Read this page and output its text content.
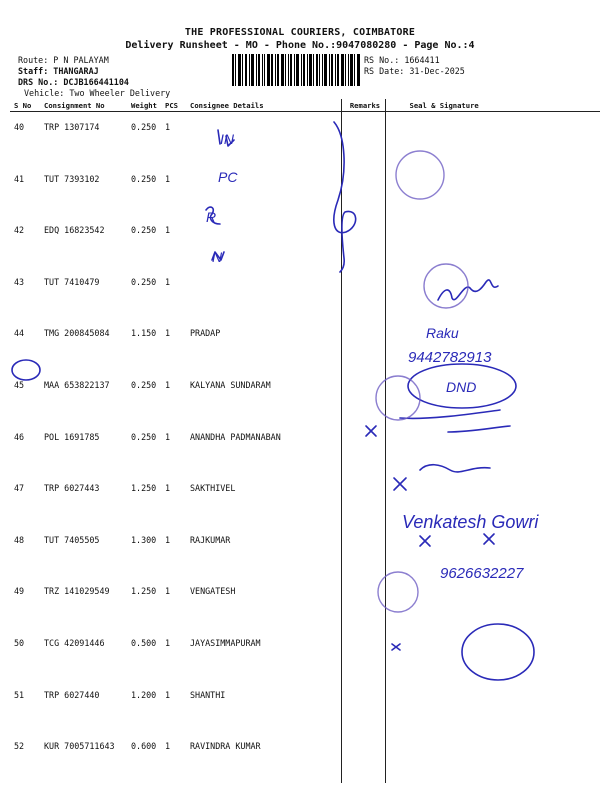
THE PROFESSIONAL COURIERS, COIMBATORE
Delivery Runsheet - MO - Phone No.:9047080280 - Page No.:4
Route: P N PALAYAM
Staff: THANGARAJ
DRS No.: DCJB166441104
Vehicle: Two Wheeler Delivery
RS No.: 1664411
RS Date: 31-Dec-2025
S No	Consignment No	Weight	PCS	Consignee Details	Remarks	Seal & Signature
40	TRP 1307174	0.250	1			
41	TUT 7393102	0.250	1			
42	EDQ 16823542	0.250	1			
43	TUT 7410479	0.250	1			
44	TMG 200845084	1.150	1	PRADAP		
45	MAA 653822137	0.250	1	KALYANA SUNDARAM		
46	POL 1691785	0.250	1	ANANDHA PADMANABAN		
47	TRP 6027443	1.250	1	SAKTHIVEL		
48	TUT 7405505	1.300	1	RAJKUMAR		
49	TRZ 141029549	1.250	1	VENGATESH		
50	TCG 42091446	0.500	1	JAYASIMMAPURAM		
51	TRP 6027440	1.200	1	SHANTHI		
52	KUR 7005711643	0.600	1	RAVINDRA KUMAR		
IN
PC
R
N
Raku
9442782913
DND
Venkatesh Gowri
9626632227
